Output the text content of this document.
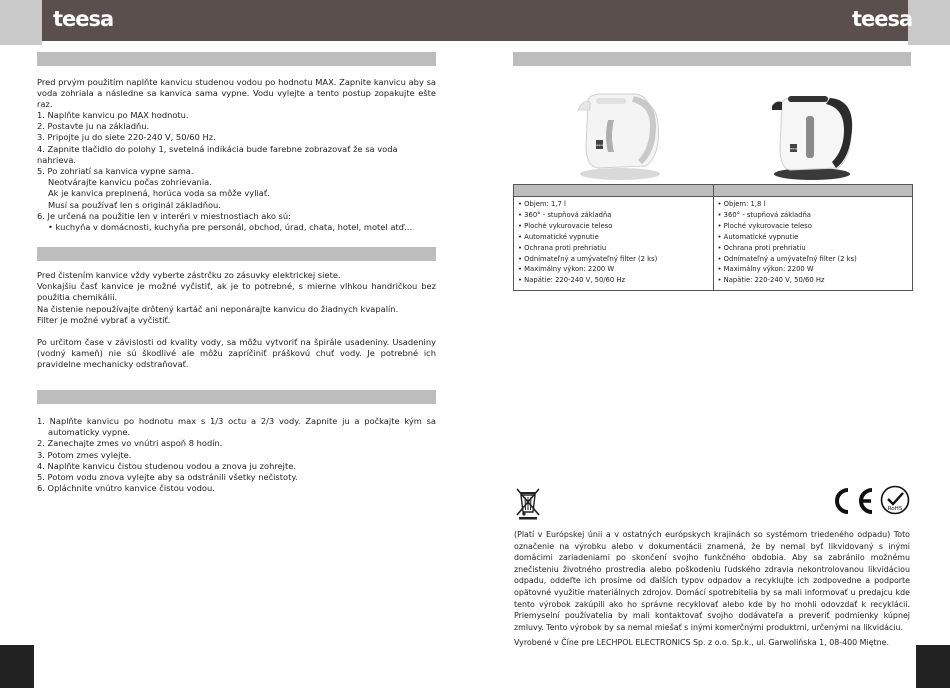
teesa	teesa

Pred prvým použitím naplňte kanvicu studenou vodou po hodnotu MAX. Zapnite kanvicu aby sa voda zohriala a následne sa kanvica sama vypne. Vodu vylejte a tento postup zopakujte ešte raz.

1. Naplňte kanvicu po MAX hodnotu.
2. Postavte ju na základňu.
3. Pripojte ju do siete 220-240 V, 50/60 Hz.
4. Zapnite tlačidlo do polohy 1, svetelná indikácia bude farebne zobrazovať že sa voda nahrieva.
5. Po zohriatí sa kanvica vypne sama.
Neotvárajte kanvicu počas zohrievania.
Ak je kanvica preplnená, horúca voda sa môže vyliať.
Musí sa používať len s originál základňou.
6. Je určená na použitie len v interéri v miestnostiach ako sú:
• kuchyňa v domácnosti, kuchyňa pre personál, obchod, úrad, chata, hotel, motel atď…
Pred čistením kanvice vždy vyberte zástrčku zo zásuvky elektrickej siete.
Vonkajšiu časť kanvice je možné vyčistiť, ak je to potrebné, s mierne vlhkou handričkou bez použitia chemikálií.
Na čistenie nepoužívajte drôtený kartáč ani neponárajte kanvicu do žiadnych kvapalín.
Filter je možné vybrať a vyčistiť.

Po určitom čase v závislosti od kvality vody, sa môžu vytvoriť na špirále usadeniny. Usadeniny (vodný kameň) nie sú škodlivé ale môžu zapríčiniť práškovú chuť vody. Je potrebné ich pravidelne mechanicky odstraňovať.

1. Naplňte kanvicu po hodnotu max s 1/3 octu a 2/3 vody. Zapnite ju a počkajte kým sa automaticky vypne.
2. Zanechajte zmes vo vnútri aspoň 8 hodín.
3. Potom zmes vylejte.
4. Naplňte kanvicu čistou studenou vodou a znova ju zohrejte.
5. Potom vodu znova vylejte aby sa odstránili všetky nečistoty.
6. Opláchnite vnútro kanvice čistou vodou.
teesa
teesa
• Objem: 1,7 l
• 360° - stupňová základňa
• Ploché vykurovacie teleso
• Automatické vypnutie
• Ochrana proti prehriatiu
• Odnímateľný a umývateľný filter (2 ks)
• Maximálny výkon: 2200 W
• Napätie: 220-240 V, 50/60 Hz
• Objem: 1,8 l
• 360° - stupňová základňa
• Ploché vykurovacie teleso
• Automatické vypnutie
• Ochrana proti prehriatiu
• Odnímateľný a umývateľný filter (2 ks)
• Maximálny výkon: 2200 W
• Napätie: 220-240 V, 50/60 Hz
CE
RoHS

(Platí v Európskej únii a v ostatných európskych krajinách so systémom triedeného odpadu) Toto označenie na výrobku alebo v dokumentácii znamená, že by nemal byť likvidovaný s inými domácimi zariadeniami po skončení svojho funkčného obdobia. Aby sa zabránilo možnému znečisteniu životného prostredia alebo poškodeniu ľudského zdravia nekontrolovanou likvidáciou odpadu, oddeľte ich prosíme od ďalších typov odpadov a recyklujte ich zodpovedne a podporte opätovné využitie materiálnych zdrojov. Domácí spotrebitelia by sa mali informovať u predajcu kde tento výrobok zakúpili ako ho správne recyklovať alebo kde by ho mohli odovzdať k recyklácii. Priemyselní používatelia by mali kontaktovať svojho dodávateľa a preveriť podmienky kúpnej zmluvy. Tento výrobok by sa nemal miešať s inými komerčnými produktmi, určenými na likvidáciu.

Vyrobené v Číne pre LECHPOL ELECTRONICS Sp. z o.o. Sp.k., ul. Garwolińska 1, 08-400 Miętne.
